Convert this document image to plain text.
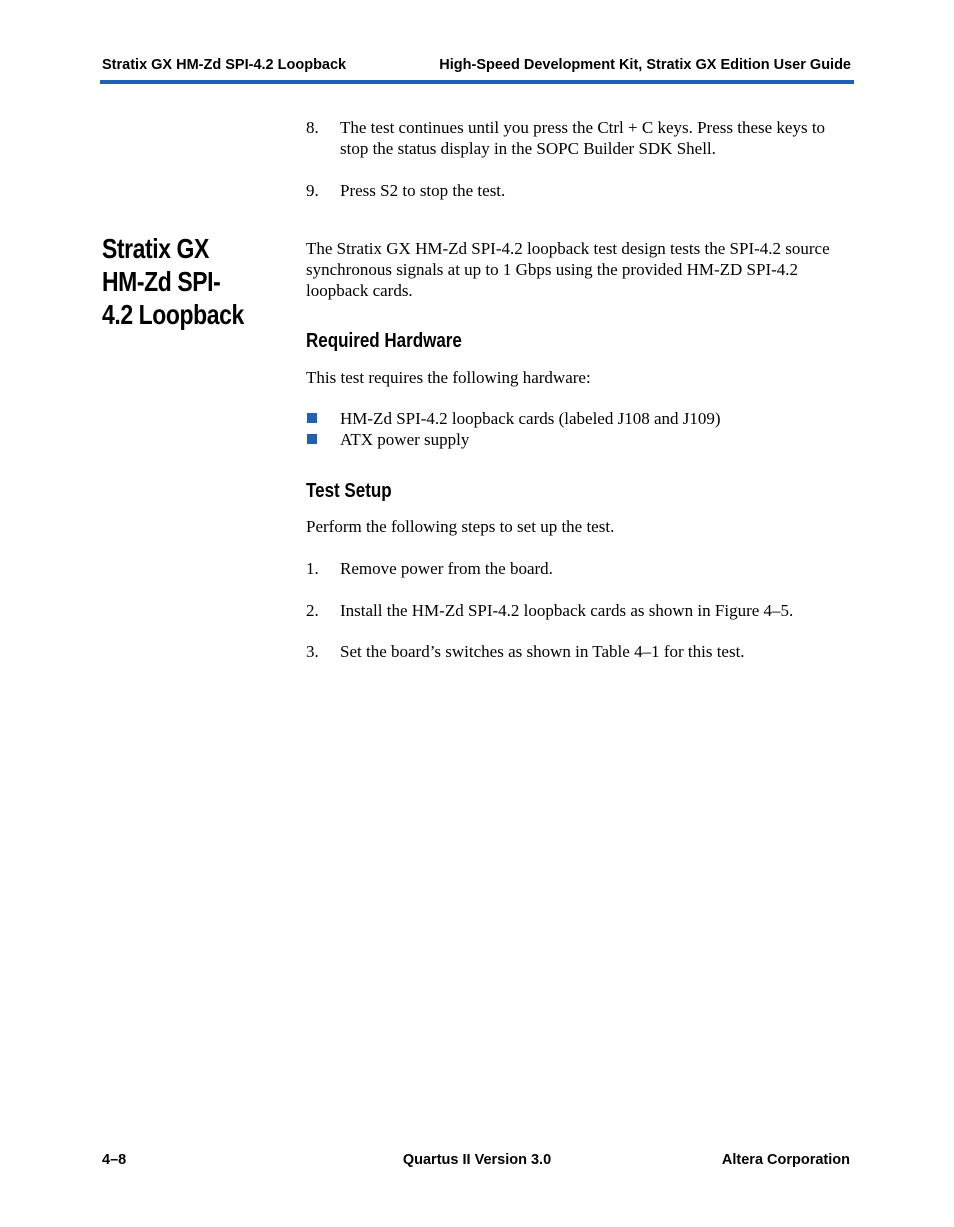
Stratix GX HM-Zd SPI-4.2 Loopback	High-Speed Development Kit, Stratix GX Edition User Guide
8. The test continues until you press the Ctrl + C keys. Press these keys to stop the status display in the SOPC Builder SDK Shell.
9. Press S2 to stop the test.
Stratix GX HM-Zd SPI-4.2 Loopback
The Stratix GX HM-Zd SPI-4.2 loopback test design tests the SPI-4.2 source synchronous signals at up to 1 Gbps using the provided HM-ZD SPI-4.2 loopback cards.
Required Hardware
This test requires the following hardware:
HM-Zd SPI-4.2 loopback cards (labeled J108 and J109)
ATX power supply
Test Setup
Perform the following steps to set up the test.
1. Remove power from the board.
2. Install the HM-Zd SPI-4.2 loopback cards as shown in Figure 4–5.
3. Set the board’s switches as shown in Table 4–1 for this test.
4–8	Quartus II Version 3.0	Altera Corporation
